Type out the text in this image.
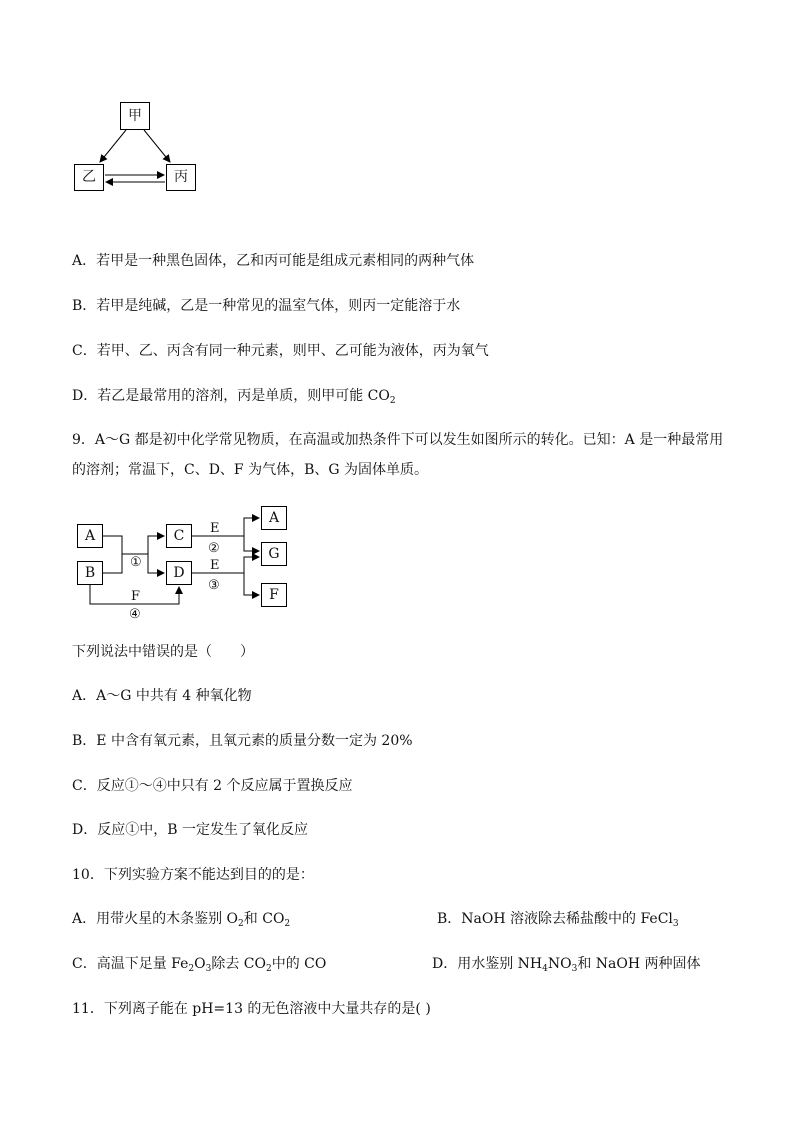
甲
乙	丙
A．若甲是一种黑色固体，乙和丙可能是组成元素相同的两种气体
B．若甲是纯碱，乙是一种常见的温室气体，则丙一定能溶于水
C．若甲、乙、丙含有同一种元素，则甲、乙可能为液体，丙为氧气
D．若乙是最常用的溶剂，丙是单质，则甲可能 $CO_2$
9．A～G 都是初中化学常见物质，在高温或加热条件下可以发生如图所示的转化。已知：A 是一种最常用
的溶剂；常温下，C、D、F 为气体，B、G 为固体单质。
A
B
C
D
A
G
F
①
E
②
E
③
F
④
下列说法中错误的是（　　）
A．A～G 中共有 4 种氧化物
B．E 中含有氧元素，且氧元素的质量分数一定为 20%
C．反应①～④中只有 2 个反应属于置换反应
D．反应①中，B 一定发生了氧化反应
10．下列实验方案不能达到目的的是：
A．用带火星的木条鉴别 $O_2$和 $CO_2$	B．NaOH 溶液除去稀盐酸中的 FeCl$_3$
C．高温下足量 $Fe_2O_3$除去 $CO_2$中的 CO	D．用水鉴别 $NH_4NO_3$和 NaOH 两种固体
11．下列离子能在 pH=13 的无色溶液中大量共存的是( )
